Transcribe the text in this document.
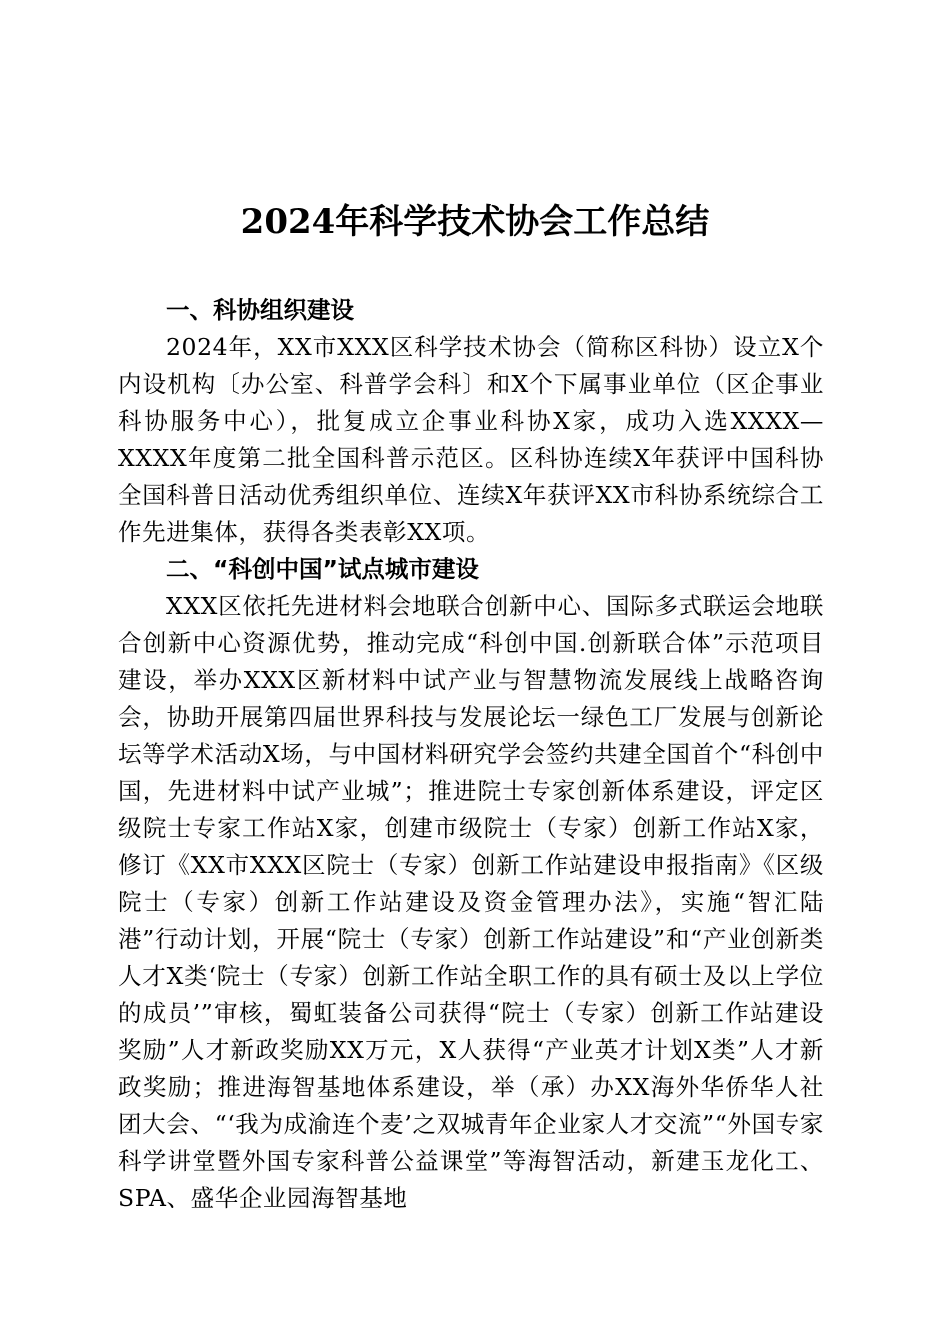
2024年科学技术协会工作总结

一、科协组织建设

2024年，XX市XXX区科学技术协会（简称区科协）设立X个内设机构〔办公室、科普学会科〕和X个下属事业单位（区企事业科协服务中心），批复成立企事业科协X家，成功入选XXXX—XXXX年度第二批全国科普示范区。区科协连续X年获评中国科协全国科普日活动优秀组织单位、连续X年获评XX市科协系统综合工作先进集体，获得各类表彰XX项。

二、“科创中国”试点城市建设

XXX区依托先进材料会地联合创新中心、国际多式联运会地联合创新中心资源优势，推动完成“科创中国.创新联合体”示范项目建设，举办XXX区新材料中试产业与智慧物流发展线上战略咨询会，协助开展第四届世界科技与发展论坛一绿色工厂发展与创新论坛等学术活动X场，与中国材料研究学会签约共建全国首个“科创中国，先进材料中试产业城”；推进院士专家创新体系建设，评定区级院士专家工作站X家，创建市级院士（专家）创新工作站X家，修订《XX市XXX区院士（专家）创新工作站建设申报指南》《区级院士（专家）创新工作站建设及资金管理办法》，实施“智汇陆港”行动计划，开展“院士（专家）创新工作站建设”和“产业创新类人才X类‘院士（专家）创新工作站全职工作的具有硕士及以上学位的成员’”审核，蜀虹装备公司获得“院士（专家）创新工作站建设奖励”人才新政奖励XX万元，X人获得“产业英才计划X类”人才新政奖励；推进海智基地体系建设，举（承）办XX海外华侨华人社团大会、“‘我为成渝连个麦’之双城青年企业家人才交流”“外国专家科学讲堂暨外国专家科普公益课堂”等海智活动，新建玉龙化工、SPA、盛华企业园海智基地
